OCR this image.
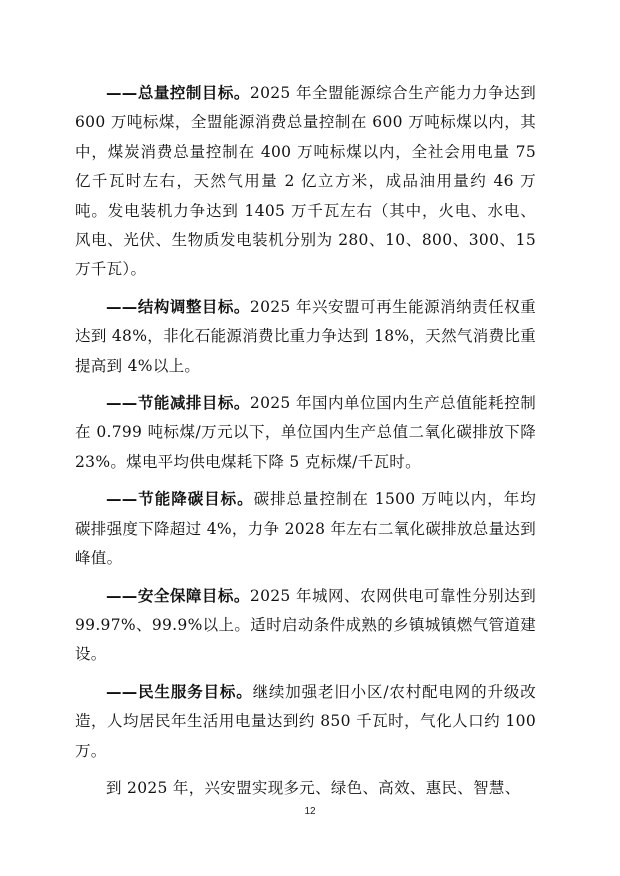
——总量控制目标。2025 年全盟能源综合生产能力力争达到 600 万吨标煤，全盟能源消费总量控制在 600 万吨标煤以内，其中，煤炭消费总量控制在 400 万吨标煤以内，全社会用电量 75 亿千瓦时左右，天然气用量 2 亿立方米，成品油用量约 46 万吨。发电装机力争达到 1405 万千瓦左右（其中，火电、水电、风电、光伏、生物质发电装机分别为 280、10、800、300、15 万千瓦）。

——结构调整目标。2025 年兴安盟可再生能源消纳责任权重达到 48%，非化石能源消费比重力争达到 18%，天然气消费比重提高到 4%以上。

——节能减排目标。2025 年国内单位国内生产总值能耗控制在 0.799 吨标煤/万元以下，单位国内生产总值二氧化碳排放下降 23%。煤电平均供电煤耗下降 5 克标煤/千瓦时。

——节能降碳目标。碳排总量控制在 1500 万吨以内，年均碳排强度下降超过 4%，力争 2028 年左右二氧化碳排放总量达到峰值。

——安全保障目标。2025 年城网、农网供电可靠性分别达到 99.97%、99.9%以上。适时启动条件成熟的乡镇城镇燃气管道建设。

——民生服务目标。继续加强老旧小区/农村配电网的升级改造，人均居民年生活用电量达到约 850 千瓦时，气化人口约 100 万。

到 2025 年，兴安盟实现多元、绿色、高效、惠民、智慧、

12
